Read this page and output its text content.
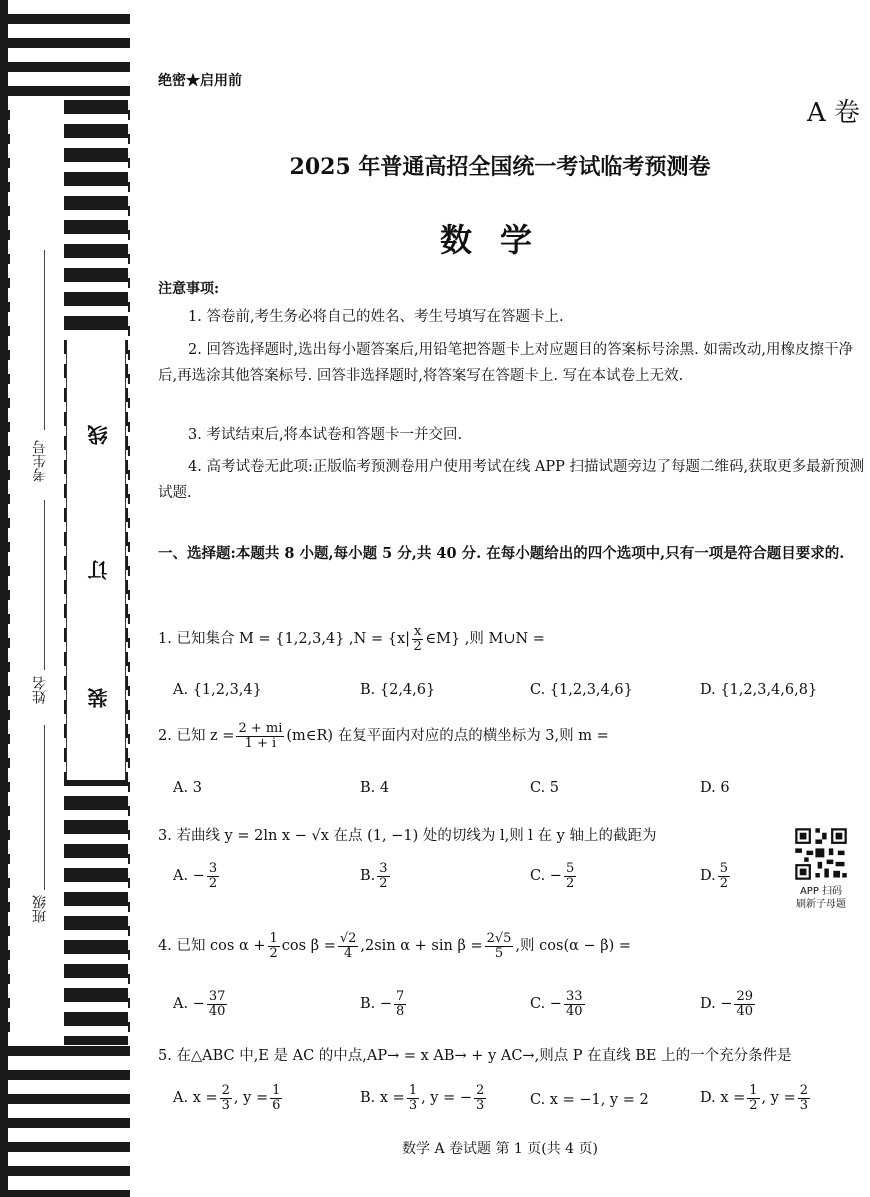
考生号
姓名
班级
线
订
装
绝密★启用前
A 卷
2025 年普通高招全国统一考试临考预测卷
数学
注意事项:
1. 答卷前,考生务必将自己的姓名、考生号填写在答题卡上.
2. 回答选择题时,选出每小题答案后,用铅笔把答题卡上对应题目的答案标号涂黑. 如需改动,用橡皮擦干净后,再选涂其他答案标号. 回答非选择题时,将答案写在答题卡上. 写在本试卷上无效.
3. 考试结束后,将本试卷和答题卡一并交回.
4. 高考试卷无此项:正版临考预测卷用户使用考试在线 APP 扫描试题旁边了每题二维码,获取更多最新预测试题.
一、选择题:本题共 8 小题,每小题 5 分,共 40 分. 在每小题给出的四个选项中,只有一项是符合题目要求的.
1. 已知集合 M = {1,2,3,4} $,N = \{x| \frac{x}{2}$ ∈M} ,则 M∪N =
A. {1,2,3,4}	B. {2,4,6}	C. {1,2,3,4,6}	D. {1,2,3,4,6,8}
2. 已知 $z = \frac{2 + mi}{1 + i}$ (m∈R) 在复平面内对应的点的横坐标为 3,则 m =
A. 3	B. 4	C. 5	D. 6
3. 若曲线 y = 2ln x − √x 在点 (1, −1) 处的切线为 l,则 l 在 y 轴上的截距为
A. − $\frac{3}{2}$	B. $\frac{3}{2}$	C. − $\frac{5}{2}$	D. $\frac{5}{2}$
APP 扫码
刷新子母题
4. 已知 $\cos \alpha + \frac{1}{2}$ $\cos \beta = \frac{√2}{4} ,2\sin$ $\alpha + \sin \beta = \frac{2√5}{5}$ ,则 cos(α − β) =
A. − $\frac{37}{40}$	B. − $\frac{7}{8}$	C. − $\frac{33}{40}$	D. − $\frac{29}{40}$
5. 在△ABC 中,E 是 AC 的中点,AP→ = x AB→ + y AC→,则点 P 在直线 BE 上的一个充分条件是
A. $x = \frac{2}{3}$ , $y = \frac{1}{6}$	B. $x = \frac{1}{3}$ , y = − $\frac{2}{3}$	C. x = −1, y = 2	D. $x = \frac{1}{2}$ , $y = \frac{2}{3}$
数学 A 卷试题 第 1 页(共 4 页)
